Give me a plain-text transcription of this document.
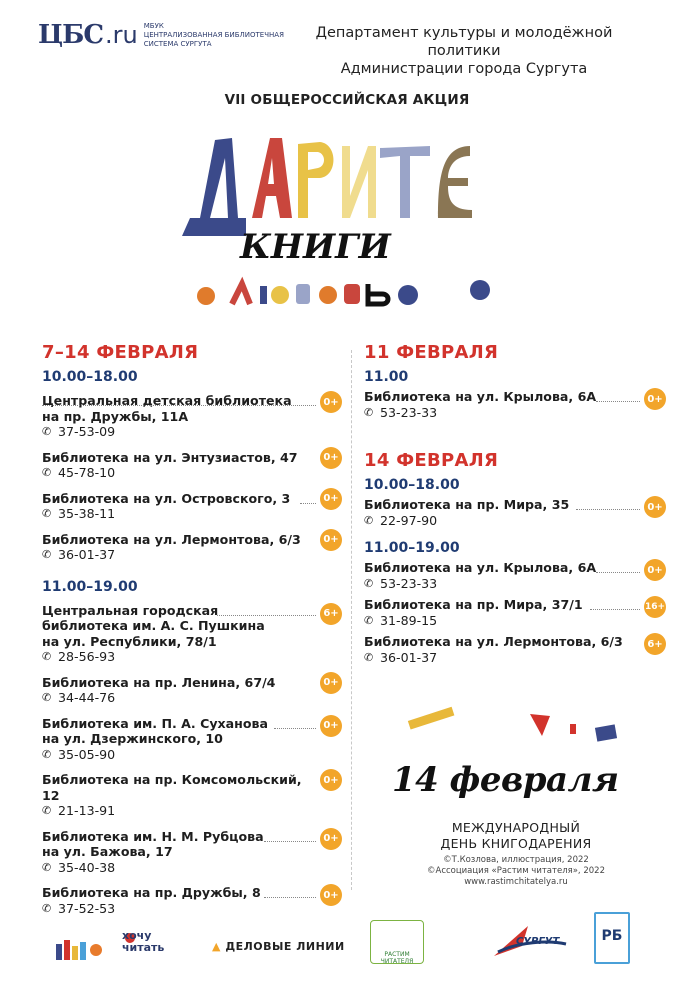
ЦБС .ru МБУК
ЦЕНТРАЛИЗОВАННАЯ БИБЛИОТЕЧНАЯ
СИСТЕМА СУРГУТА
Департамент культуры и молодёжной политики
Администрации города Сургута
VII ОБЩЕРОССИЙСКАЯ АКЦИЯ
КНИГИ
7–14 ФЕВРАЛЯ
10.00–18.00
Центральная детская библиотека
на пр. Дружбы, 11А
✆ 37-53-09
0+
Библиотека на ул. Энтузиастов, 47
✆ 45-78-10
0+
Библиотека на ул. Островского, 3
✆ 35-38-11
0+
Библиотека на ул. Лермонтова, 6/3
✆ 36-01-37
0+
11.00–19.00
Центральная городская
библиотека им. А. С. Пушкина
на ул. Республики, 78/1
✆ 28-56-93
6+
Библиотека на пр. Ленина, 67/4
✆ 34-44-76
0+
Библиотека им. П. А. Суханова
на ул. Дзержинского, 10
✆ 35-05-90
0+
Библиотека на пр. Комсомольский, 12
✆ 21-13-91
0+
Библиотека им. Н. М. Рубцова
на ул. Бажова, 17
✆ 35-40-38
0+
Библиотека на пр. Дружбы, 8
✆ 37-52-53
0+
11 ФЕВРАЛЯ
11.00
Библиотека на ул. Крылова, 6А
✆ 53-23-33
0+
14 ФЕВРАЛЯ
10.00–18.00
Библиотека на пр. Мира, 35
✆ 22-97-90
0+
11.00–19.00
Библиотека на ул. Крылова, 6А
✆ 53-23-33
0+
Библиотека на пр. Мира, 37/1
✆ 31-89-15
16+
Библиотека на ул. Лермонтова, 6/3
✆ 36-01-37
6+
14 февраля
МЕЖДУНАРОДНЫЙ
ДЕНЬ КНИГОДАРЕНИЯ
©Т.Козлова, иллюстрация, 2022
©Ассоциация «Растим читателя», 2022
www.rastimchitatelya.ru
хочу читать	▲ ДЕЛОВЫЕ ЛИНИИ
РАСТИМ ЧИТАТЕЛЯ
СУРГУТ	РБ
